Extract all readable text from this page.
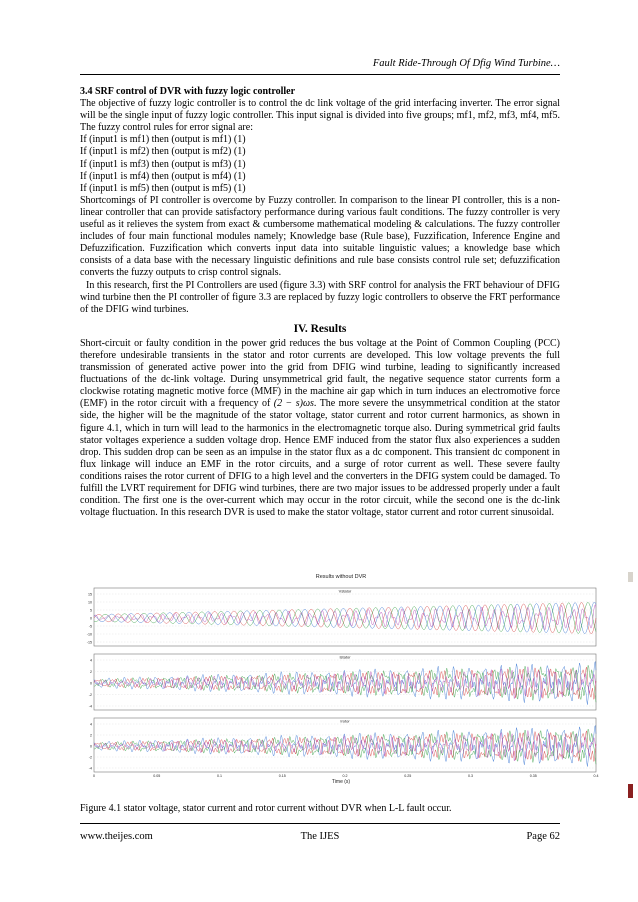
Fault Ride-Through Of Dfig Wind Turbine…

3.4 SRF control of DVR with fuzzy logic controller

The objective of fuzzy logic controller is to control the dc link voltage of the grid interfacing inverter. The error signal will be the single input of fuzzy logic controller. This input signal is divided into five groups; mf1, mf2, mf3, mf4, mf5. The fuzzy control rules for error signal are:

If (input1 is mf1) then (output is mf1) (1)
If (input1 is mf2) then (output is mf2) (1)
If (input1 is mf3) then (output is mf3) (1)
If (input1 is mf4) then (output is mf4) (1)
If (input1 is mf5) then (output is mf5) (1)

Shortcomings of PI controller is overcome by Fuzzy controller. In comparison to the linear PI controller, this is a non-linear controller that can provide satisfactory performance during various fault conditions. The fuzzy controller is very useful as it relieves the system from exact & cumbersome mathematical modeling & calculations. The fuzzy controller includes of four main functional modules namely; Knowledge base (Rule base), Fuzzification, Inference Engine and Defuzzification. Fuzzification which converts input data into suitable linguistic values; a knowledge base which consists of a data base with the necessary linguistic definitions and rule base consists control rule set; defuzzification converts the fuzzy outputs to crisp control signals.

In this research, first the PI Controllers are used (figure 3.3) with SRF control for analysis the FRT behaviour of DFIG wind turbine then the PI controller of figure 3.3 are replaced by fuzzy logic controllers to observe the FRT performance of the DFIG wind turbines.

IV. Results

Short-circuit or faulty condition in the power grid reduces the bus voltage at the Point of Common Coupling (PCC) therefore undesirable transients in the stator and rotor currents are developed. This low voltage prevents the full transmission of generated active power into the grid from DFIG wind turbine, leading to significantly increased fluctuations of the dc-link voltage. During unsymmetrical grid fault, the negative sequence stator currents form a clockwise rotating magnetic motive force (MMF) in the machine air gap which in turn induces an electromotive force (EMF) in the rotor circuit with a frequency of (2 − s)ωs. The more severe the unsymmetrical condition at the stator side, the higher will be the magnitude of the stator voltage, stator current and rotor current harmonics, as shown in figure 4.1, which in turn will lead to the harmonics in the electromagnetic torque also. During symmetrical grid faults stator voltages experience a sudden voltage drop. Hence EMF induced from the stator flux also experiences a sudden drop. This sudden drop can be seen as an impulse in the stator flux as a dc component. This transient dc component in flux linkage will induce an EMF in the rotor circuits, and a surge of rotor current as well. These severe faulty conditions raises the rotor current of DFIG to a high level and the converters in the DFIG system could be damaged. To fulfill the LVRT requirement for DFIG wind turbines, there are two major issues to be addressed properly under a fault condition. The first one is the over-current which may occur in the rotor circuit, while the second one is the dc-link voltage fluctuation. In this research DVR is used to make the stator voltage, stator current and rotor current sinusoidal.

Results without DVR
Vstator
15
10
5
0
-5
-10
-15
Istator
4
2
0
-2
-4
Irotor
4
2
0
-2
-4
0	0.05	0.1	0.15	0.2	0.25	0.3	0.35	0.4
Time (s)
Figure 4.1 stator voltage, stator current and rotor current without DVR when L-L fault occur.
www.theijes.com	The IJES	Page 62
